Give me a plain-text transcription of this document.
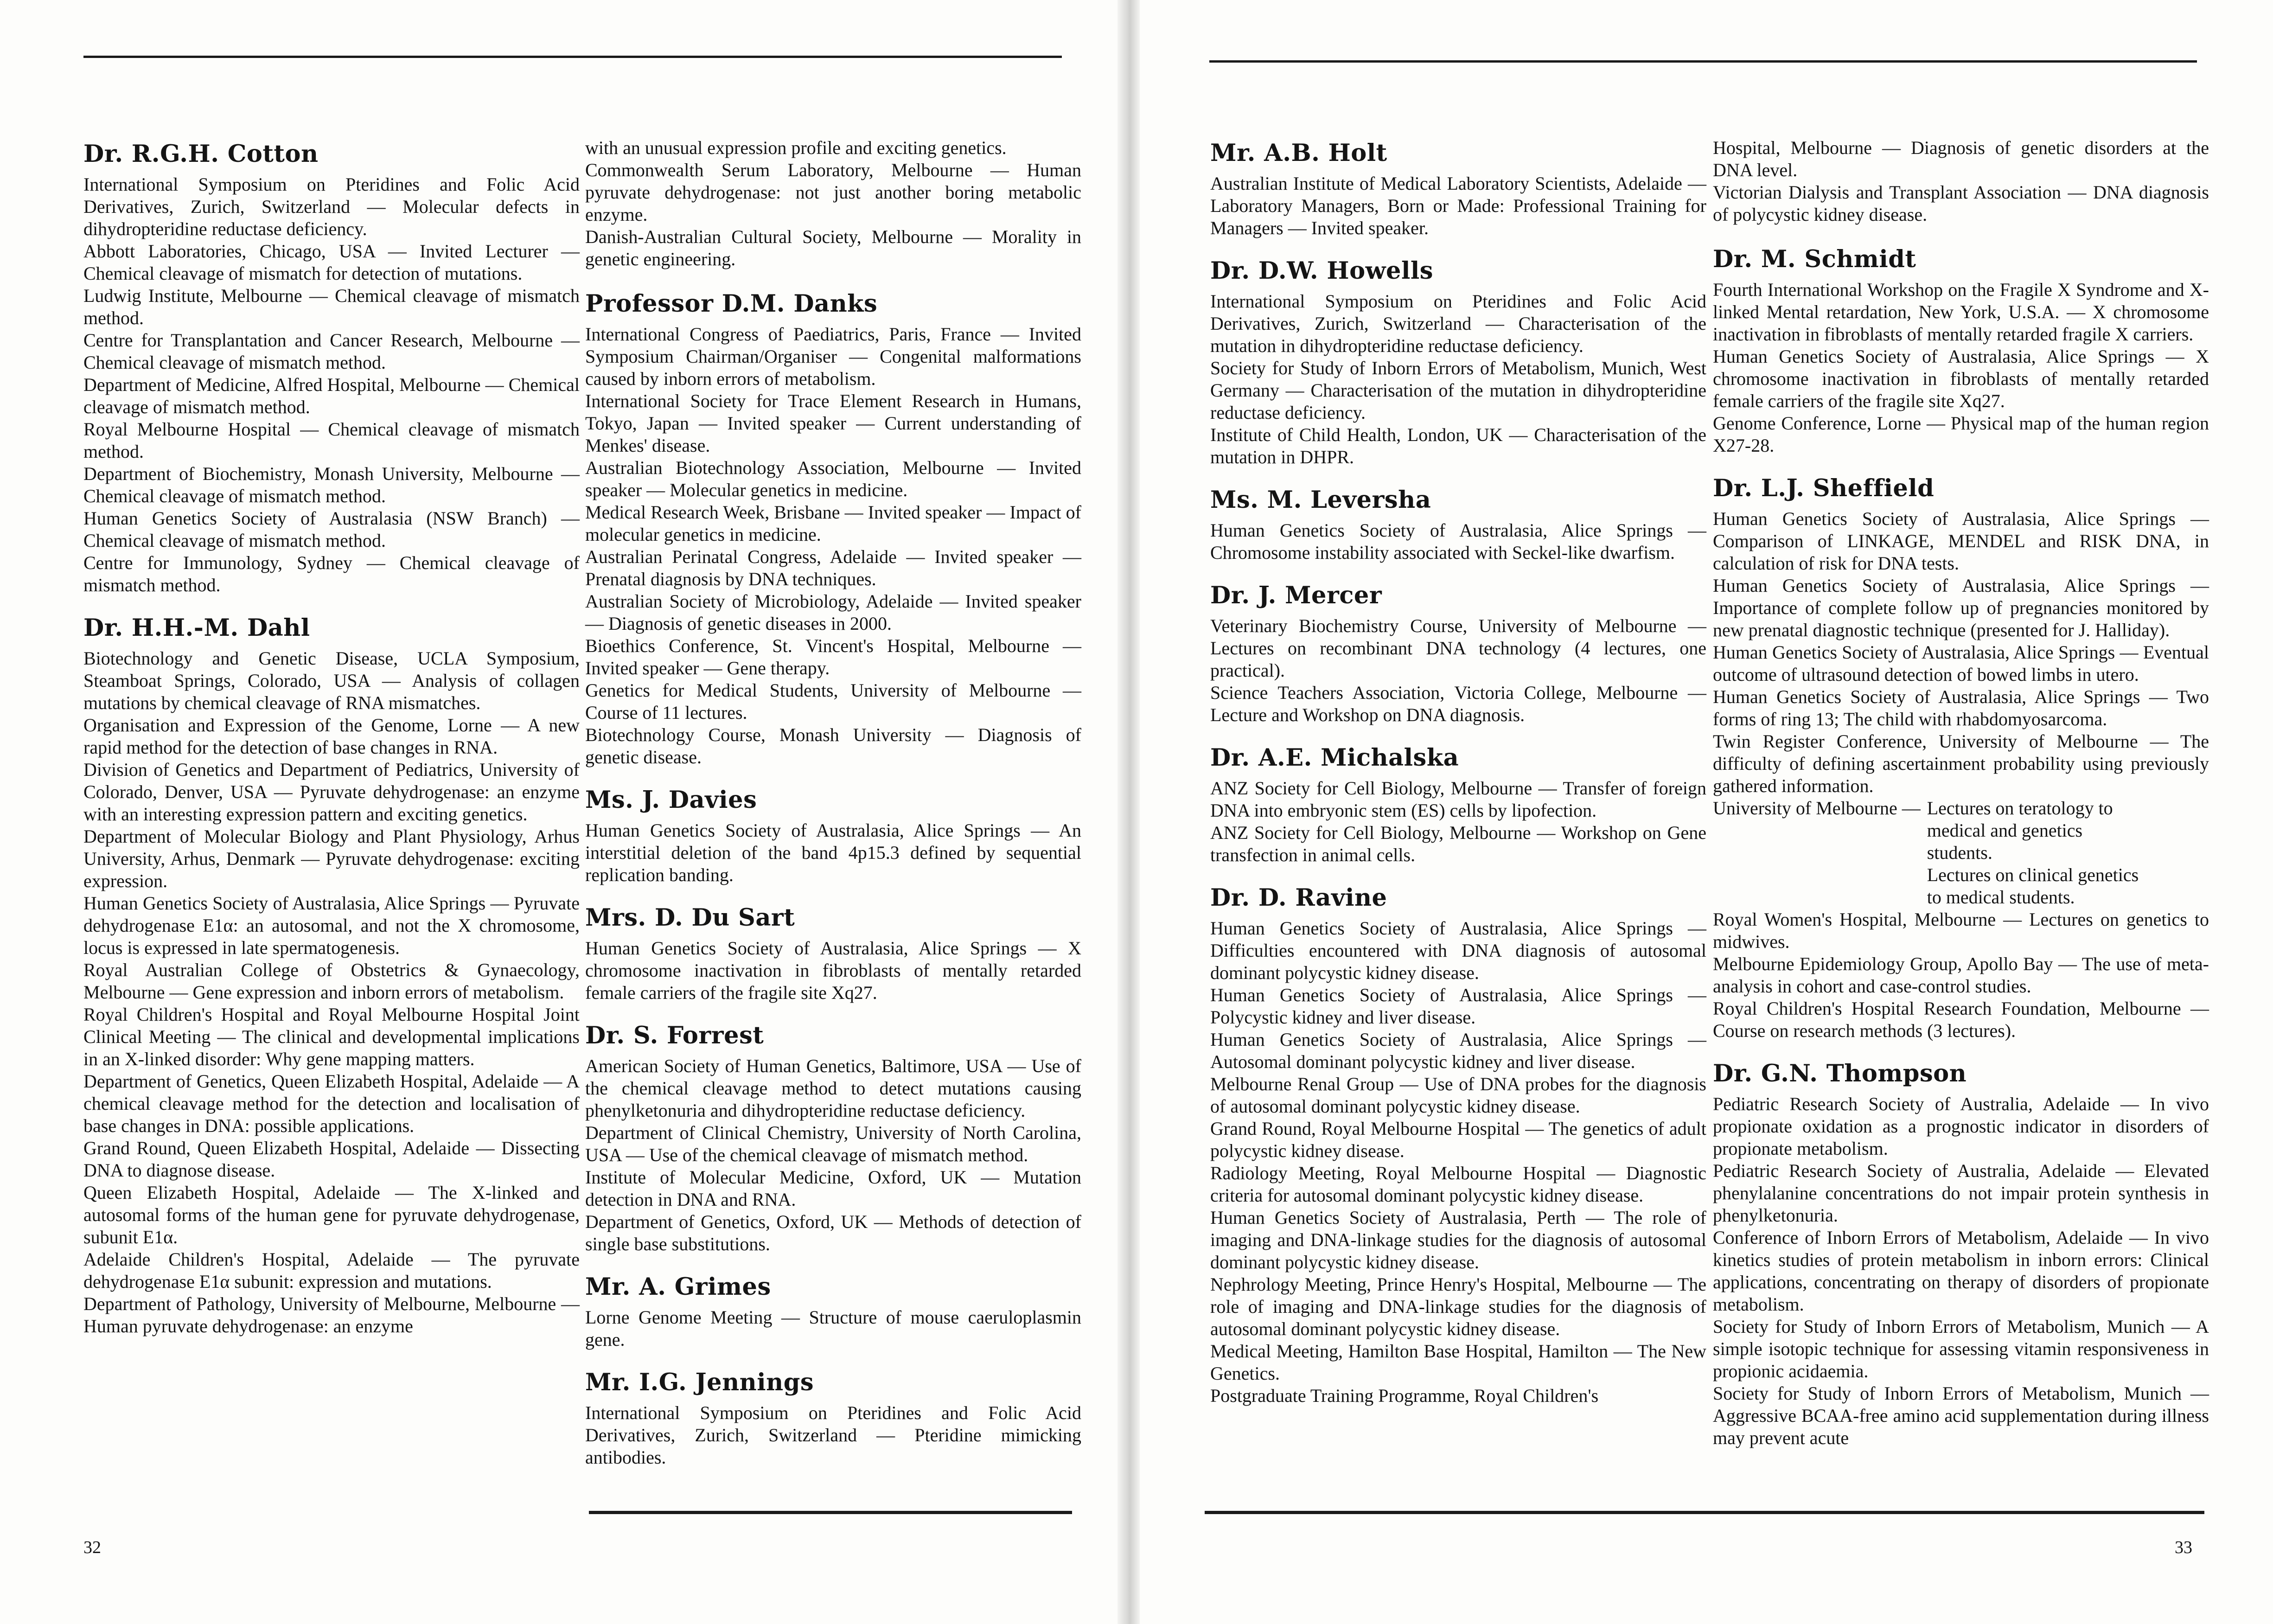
Dr. R.G.H. Cotton

International Symposium on Pteridines and Folic Acid Derivatives, Zurich, Switzerland — Molecular defects in dihydropteridine reductase deficiency.

Abbott Laboratories, Chicago, USA — Invited Lecturer — Chemical cleavage of mismatch for detection of mutations.

Ludwig Institute, Melbourne — Chemical cleavage of mismatch method.

Centre for Transplantation and Cancer Research, Melbourne — Chemical cleavage of mismatch method.

Department of Medicine, Alfred Hospital, Melbourne — Chemical cleavage of mismatch method.

Royal Melbourne Hospital — Chemical cleavage of mismatch method.

Department of Biochemistry, Monash University, Melbourne — Chemical cleavage of mismatch method.

Human Genetics Society of Australasia (NSW Branch) — Chemical cleavage of mismatch method.

Centre for Immunology, Sydney — Chemical cleavage of mismatch method.

Dr. H.H.-M. Dahl

Biotechnology and Genetic Disease, UCLA Symposium, Steamboat Springs, Colorado, USA — Analysis of collagen mutations by chemical cleavage of RNA mismatches.

Organisation and Expression of the Genome, Lorne — A new rapid method for the detection of base changes in RNA.

Division of Genetics and Department of Pediatrics, University of Colorado, Denver, USA — Pyruvate dehydrogenase: an enzyme with an interesting expression pattern and exciting genetics.

Department of Molecular Biology and Plant Physiology, Arhus University, Arhus, Denmark — Pyruvate dehydrogenase: exciting expression.

Human Genetics Society of Australasia, Alice Springs — Pyruvate dehydrogenase E1α: an autosomal, and not the X chromosome, locus is expressed in late spermatogenesis.

Royal Australian College of Obstetrics & Gynaecology, Melbourne — Gene expression and inborn errors of metabolism.

Royal Children's Hospital and Royal Melbourne Hospital Joint Clinical Meeting — The clinical and developmental implications in an X-linked disorder: Why gene mapping matters.

Department of Genetics, Queen Elizabeth Hospital, Adelaide — A chemical cleavage method for the detection and localisation of base changes in DNA: possible applications.

Grand Round, Queen Elizabeth Hospital, Adelaide — Dissecting DNA to diagnose disease.

Queen Elizabeth Hospital, Adelaide — The X-linked and autosomal forms of the human gene for pyruvate dehydrogenase, subunit E1α.

Adelaide Children's Hospital, Adelaide — The pyruvate dehydrogenase E1α subunit: expression and mutations.

Department of Pathology, University of Melbourne, Melbourne — Human pyruvate dehydrogenase: an enzyme

with an unusual expression profile and exciting genetics.

Commonwealth Serum Laboratory, Melbourne — Human pyruvate dehydrogenase: not just another boring metabolic enzyme.

Danish-Australian Cultural Society, Melbourne — Morality in genetic engineering.

Professor D.M. Danks

International Congress of Paediatrics, Paris, France — Invited Symposium Chairman/Organiser — Congenital malformations caused by inborn errors of metabolism.

International Society for Trace Element Research in Humans, Tokyo, Japan — Invited speaker — Current understanding of Menkes' disease.

Australian Biotechnology Association, Melbourne — Invited speaker — Molecular genetics in medicine.

Medical Research Week, Brisbane — Invited speaker — Impact of molecular genetics in medicine.

Australian Perinatal Congress, Adelaide — Invited speaker — Prenatal diagnosis by DNA techniques.

Australian Society of Microbiology, Adelaide — Invited speaker — Diagnosis of genetic diseases in 2000.

Bioethics Conference, St. Vincent's Hospital, Melbourne — Invited speaker — Gene therapy.

Genetics for Medical Students, University of Melbourne — Course of 11 lectures.

Biotechnology Course, Monash University — Diagnosis of genetic disease.

Ms. J. Davies

Human Genetics Society of Australasia, Alice Springs — An interstitial deletion of the band 4p15.3 defined by sequential replication banding.

Mrs. D. Du Sart

Human Genetics Society of Australasia, Alice Springs — X chromosome inactivation in fibroblasts of mentally retarded female carriers of the fragile site Xq27.

Dr. S. Forrest

American Society of Human Genetics, Baltimore, USA — Use of the chemical cleavage method to detect mutations causing phenylketonuria and dihydropteridine reductase deficiency.

Department of Clinical Chemistry, University of North Carolina, USA — Use of the chemical cleavage of mismatch method.

Institute of Molecular Medicine, Oxford, UK — Mutation detection in DNA and RNA.

Department of Genetics, Oxford, UK — Methods of detection of single base substitutions.

Mr. A. Grimes

Lorne Genome Meeting — Structure of mouse caeruloplasmin gene.

Mr. I.G. Jennings

International Symposium on Pteridines and Folic Acid Derivatives, Zurich, Switzerland — Pteridine mimicking antibodies.

32
Mr. A.B. Holt

Australian Institute of Medical Laboratory Scientists, Adelaide — Laboratory Managers, Born or Made: Professional Training for Managers — Invited speaker.

Dr. D.W. Howells

International Symposium on Pteridines and Folic Acid Derivatives, Zurich, Switzerland — Characterisation of the mutation in dihydropteridine reductase deficiency.

Society for Study of Inborn Errors of Metabolism, Munich, West Germany — Characterisation of the mutation in dihydropteridine reductase deficiency.

Institute of Child Health, London, UK — Characterisation of the mutation in DHPR.

Ms. M. Leversha

Human Genetics Society of Australasia, Alice Springs — Chromosome instability associated with Seckel-like dwarfism.

Dr. J. Mercer

Veterinary Biochemistry Course, University of Melbourne — Lectures on recombinant DNA technology (4 lectures, one practical).

Science Teachers Association, Victoria College, Melbourne — Lecture and Workshop on DNA diagnosis.

Dr. A.E. Michalska

ANZ Society for Cell Biology, Melbourne — Transfer of foreign DNA into embryonic stem (ES) cells by lipofection.

ANZ Society for Cell Biology, Melbourne — Workshop on Gene transfection in animal cells.

Dr. D. Ravine

Human Genetics Society of Australasia, Alice Springs — Difficulties encountered with DNA diagnosis of autosomal dominant polycystic kidney disease.

Human Genetics Society of Australasia, Alice Springs — Polycystic kidney and liver disease.

Human Genetics Society of Australasia, Alice Springs — Autosomal dominant polycystic kidney and liver disease.

Melbourne Renal Group — Use of DNA probes for the diagnosis of autosomal dominant polycystic kidney disease.

Grand Round, Royal Melbourne Hospital — The genetics of adult polycystic kidney disease.

Radiology Meeting, Royal Melbourne Hospital — Diagnostic criteria for autosomal dominant polycystic kidney disease.

Human Genetics Society of Australasia, Perth — The role of imaging and DNA-linkage studies for the diagnosis of autosomal dominant polycystic kidney disease.

Nephrology Meeting, Prince Henry's Hospital, Melbourne — The role of imaging and DNA-linkage studies for the diagnosis of autosomal dominant polycystic kidney disease.

Medical Meeting, Hamilton Base Hospital, Hamilton — The New Genetics.

Postgraduate Training Programme, Royal Children's

Hospital, Melbourne — Diagnosis of genetic disorders at the DNA level.

Victorian Dialysis and Transplant Association — DNA diagnosis of polycystic kidney disease.

Dr. M. Schmidt

Fourth International Workshop on the Fragile X Syndrome and X-linked Mental retardation, New York, U.S.A. — X chromosome inactivation in fibroblasts of mentally retarded fragile X carriers.

Human Genetics Society of Australasia, Alice Springs — X chromosome inactivation in fibroblasts of mentally retarded female carriers of the fragile site Xq27.

Genome Conference, Lorne — Physical map of the human region X27-28.

Dr. L.J. Sheffield

Human Genetics Society of Australasia, Alice Springs — Comparison of LINKAGE, MENDEL and RISK DNA, in calculation of risk for DNA tests.

Human Genetics Society of Australasia, Alice Springs — Importance of complete follow up of pregnancies monitored by new prenatal diagnostic technique (presented for J. Halliday).

Human Genetics Society of Australasia, Alice Springs — Eventual outcome of ultrasound detection of bowed limbs in utero.

Human Genetics Society of Australasia, Alice Springs — Two forms of ring 13; The child with rhabdomyosarcoma.

Twin Register Conference, University of Melbourne — The difficulty of defining ascertainment probability using previously gathered information.

University of Melbourne — Lectures on teratology to medical and genetics students.
Lectures on clinical genetics to medical students.

Royal Women's Hospital, Melbourne — Lectures on genetics to midwives.

Melbourne Epidemiology Group, Apollo Bay — The use of meta-analysis in cohort and case-control studies.

Royal Children's Hospital Research Foundation, Melbourne — Course on research methods (3 lectures).

Dr. G.N. Thompson

Pediatric Research Society of Australia, Adelaide — In vivo propionate oxidation as a prognostic indicator in disorders of propionate metabolism.

Pediatric Research Society of Australia, Adelaide — Elevated phenylalanine concentrations do not impair protein synthesis in phenylketonuria.

Conference of Inborn Errors of Metabolism, Adelaide — In vivo kinetics studies of protein metabolism in inborn errors: Clinical applications, concentrating on therapy of disorders of propionate metabolism.

Society for Study of Inborn Errors of Metabolism, Munich — A simple isotopic technique for assessing vitamin responsiveness in propionic acidaemia.

Society for Study of Inborn Errors of Metabolism, Munich — Aggressive BCAA-free amino acid supplementation during illness may prevent acute

33
